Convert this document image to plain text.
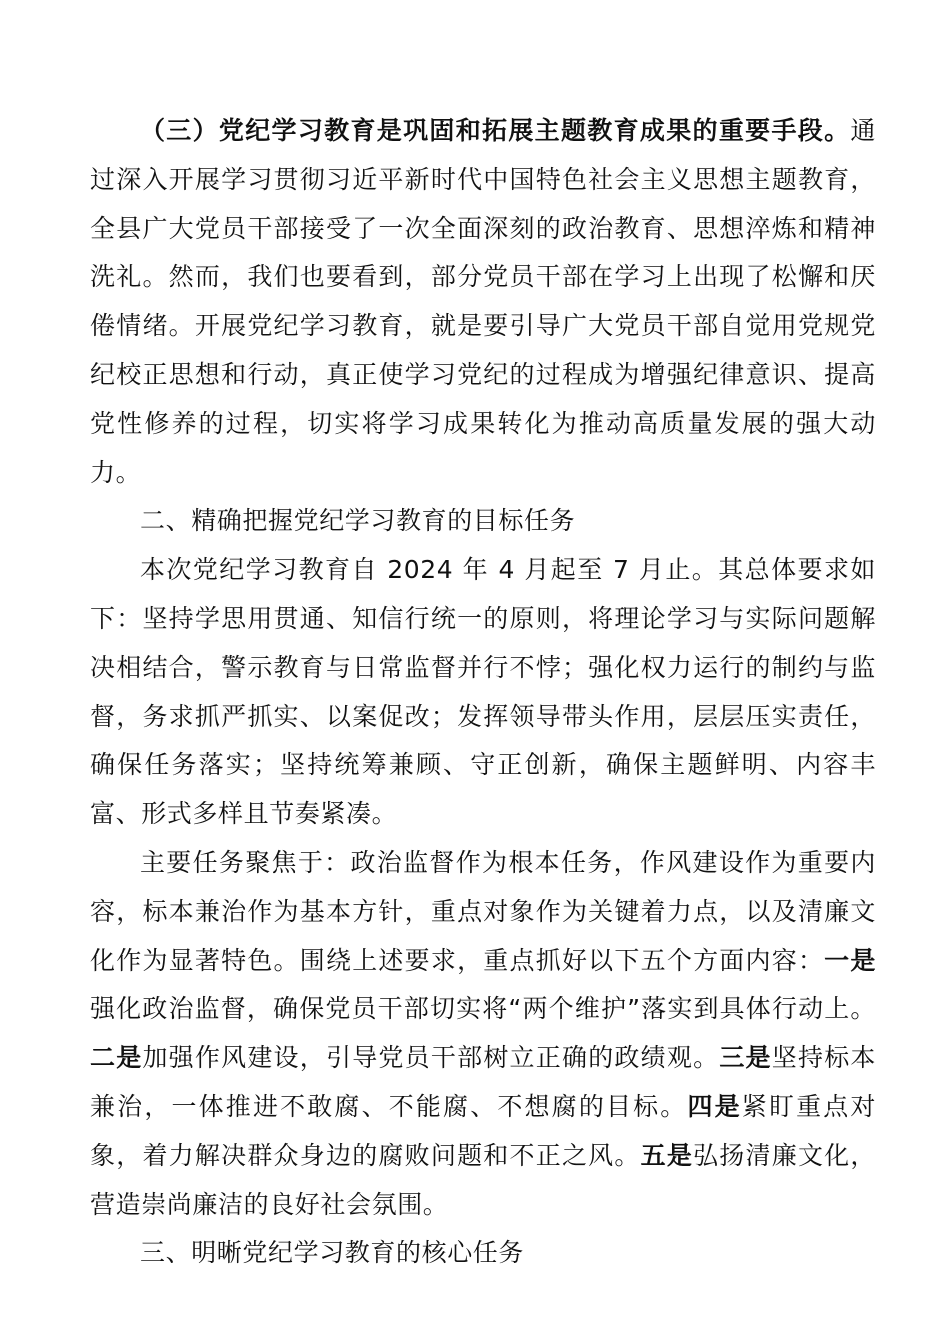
（三）党纪学习教育是巩固和拓展主题教育成果的重要手段。通过深入开展学习贯彻习近平新时代中国特色社会主义思想主题教育，全县广大党员干部接受了一次全面深刻的政治教育、思想淬炼和精神洗礼。然而，我们也要看到，部分党员干部在学习上出现了松懈和厌倦情绪。开展党纪学习教育，就是要引导广大党员干部自觉用党规党纪校正思想和行动，真正使学习党纪的过程成为增强纪律意识、提高党性修养的过程，切实将学习成果转化为推动高质量发展的强大动力。

二、精确把握党纪学习教育的目标任务

本次党纪学习教育自 2024 年 4 月起至 7 月止。其总体要求如下：坚持学思用贯通、知信行统一的原则，将理论学习与实际问题解决相结合，警示教育与日常监督并行不悖；强化权力运行的制约与监督，务求抓严抓实、以案促改；发挥领导带头作用，层层压实责任，确保任务落实；坚持统筹兼顾、守正创新，确保主题鲜明、内容丰富、形式多样且节奏紧凑。

主要任务聚焦于：政治监督作为根本任务，作风建设作为重要内容，标本兼治作为基本方针，重点对象作为关键着力点，以及清廉文化作为显著特色。围绕上述要求，重点抓好以下五个方面内容：一是强化政治监督，确保党员干部切实将“两个维护”落实到具体行动上。二是加强作风建设，引导党员干部树立正确的政绩观。三是坚持标本兼治，一体推进不敢腐、不能腐、不想腐的目标。四是紧盯重点对象，着力解决群众身边的腐败问题和不正之风。五是弘扬清廉文化，营造崇尚廉洁的良好社会氛围。

三、明晰党纪学习教育的核心任务
